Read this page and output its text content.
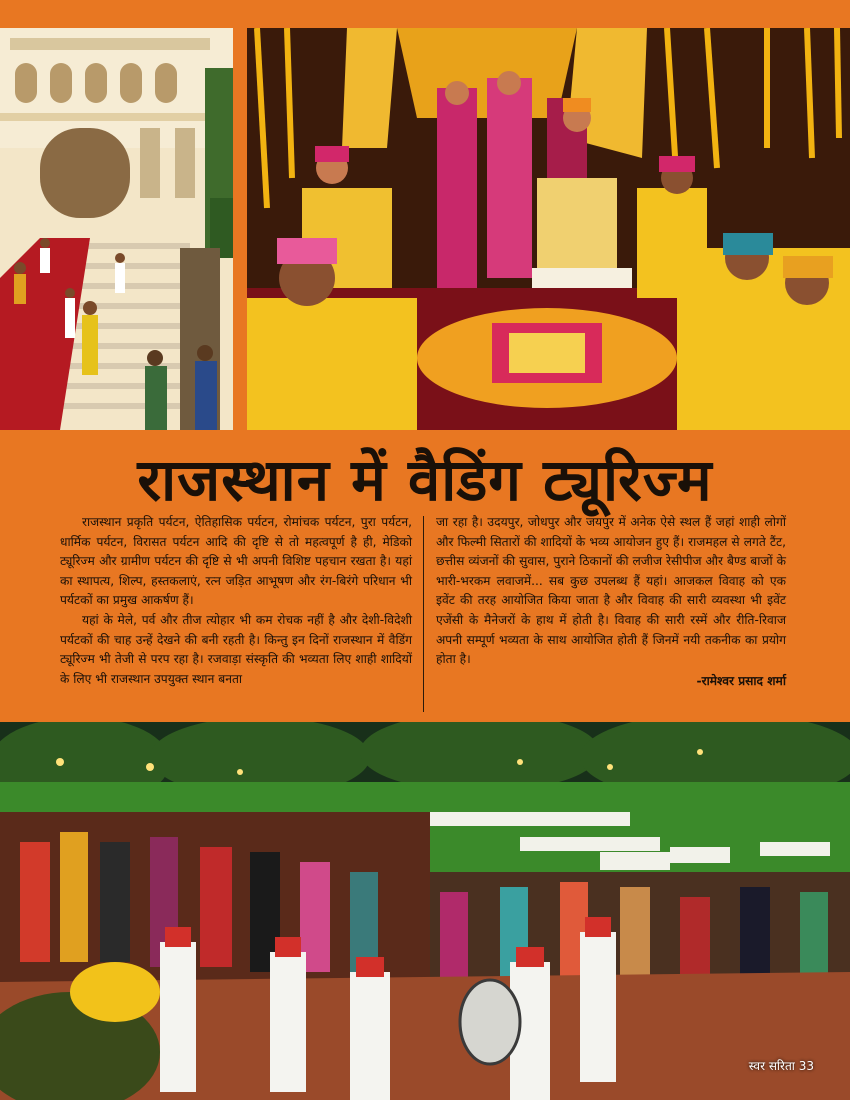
राजस्थान में वैडिंग ट्यूरिज्म

राजस्थान प्रकृति पर्यटन, ऐतिहासिक पर्यटन, रोमांचक पर्यटन, पुरा पर्यटन, धार्मिक पर्यटन, विरासत पर्यटन आदि की दृष्टि से तो महत्वपूर्ण है ही, मेडिको ट्यूरिज्म और ग्रामीण पर्यटन की दृष्टि से भी अपनी विशिष्ट पहचान रखता है। यहां का स्थापत्य, शिल्प, हस्तकलाएं, रत्न जड़ित आभूषण और रंग-बिरंगे परिधान भी पर्यटकों का प्रमुख आकर्षण हैं।

यहां के मेले, पर्व और तीज त्योहार भी कम रोचक नहीं है और देशी-विदेशी पर्यटकों की चाह उन्हें देखने की बनी रहती है। किन्तु इन दिनों राजस्थान में वैडिंग ट्यूरिज्म भी तेजी से परप रहा है। रजवाड़ा संस्कृति की भव्यता लिए शाही शादियों के लिए भी राजस्थान उपयुक्त स्थान बनता

जा रहा है। उदयपुर, जोधपुर और जयपुर में अनेक ऐसे स्थल हैं जहां शाही लोगों और फिल्मी सितारों की शादियों के भव्य आयोजन हुए हैं। राजमहल से लगते टैंट, छत्तीस व्यंजनों की सुवास, पुराने ठिकानों की लजीज रेसीपीज और बैण्ड बाजों के भारी-भरकम लवाजमें... सब कुछ उपलब्ध हैं यहां। आजकल विवाह को एक इवेंट की तरह आयोजित किया जाता है और विवाह की सारी व्यवस्था भी इवेंट एजेंसी के मैनेजरों के हाथ में होती है। विवाह की सारी रस्में और रीति-रिवाज अपनी सम्पूर्ण भव्यता के साथ आयोजित होती हैं जिनमें नयी तकनीक का प्रयोग होता है।

-रामेश्वर प्रसाद शर्मा
स्वर सरिता 33
